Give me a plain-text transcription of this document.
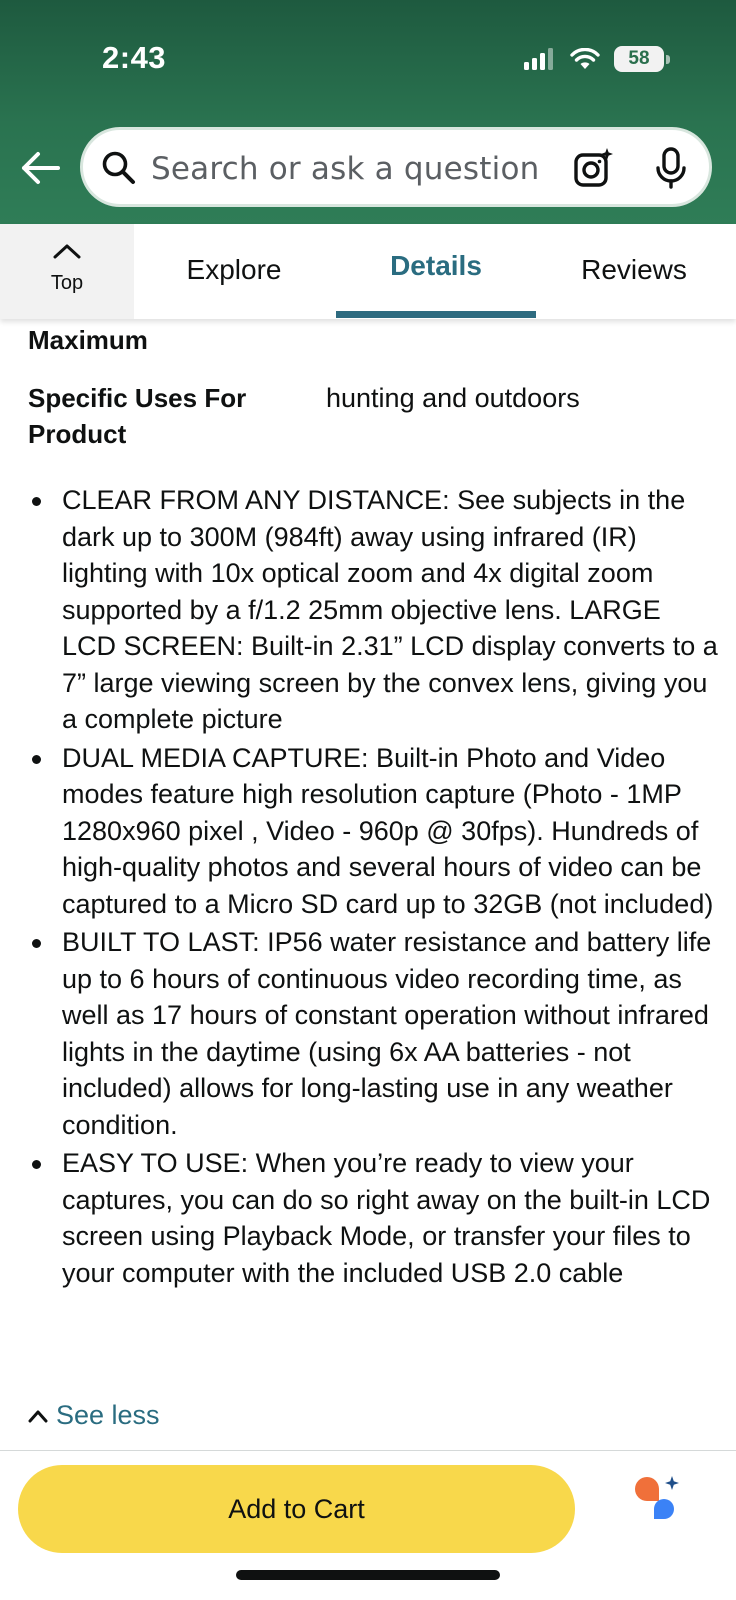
2:43	58
Search or ask a question
Top	Explore	Details	Reviews
Maximum
Specific Uses For
Product
hunting and outdoors
CLEAR FROM ANY DISTANCE: See subjects in the dark up to 300M (984ft) away using infrared (IR) lighting with 10x optical zoom and 4x digital zoom supported by a f/1.2 25mm objective lens. LARGE LCD SCREEN: Built-in 2.31” LCD display converts to a 7” large viewing screen by the convex lens, giving you a complete picture
DUAL MEDIA CAPTURE: Built-in Photo and Video modes feature high resolution capture (Photo - 1MP 1280x960 pixel , Video - 960p @ 30fps). Hundreds of high-quality photos and several hours of video can be captured to a Micro SD card up to 32GB (not included)
BUILT TO LAST: IP56 water resistance and battery life up to 6 hours of continuous video recording time, as well as 17 hours of constant operation without infrared lights in the daytime (using 6x AA batteries - not included) allows for long-lasting use in any weather condition.
EASY TO USE: When you’re ready to view your captures, you can do so right away on the built-in LCD screen using Playback Mode, or transfer your files to your computer with the included USB 2.0 cable
See less
Add to Cart
